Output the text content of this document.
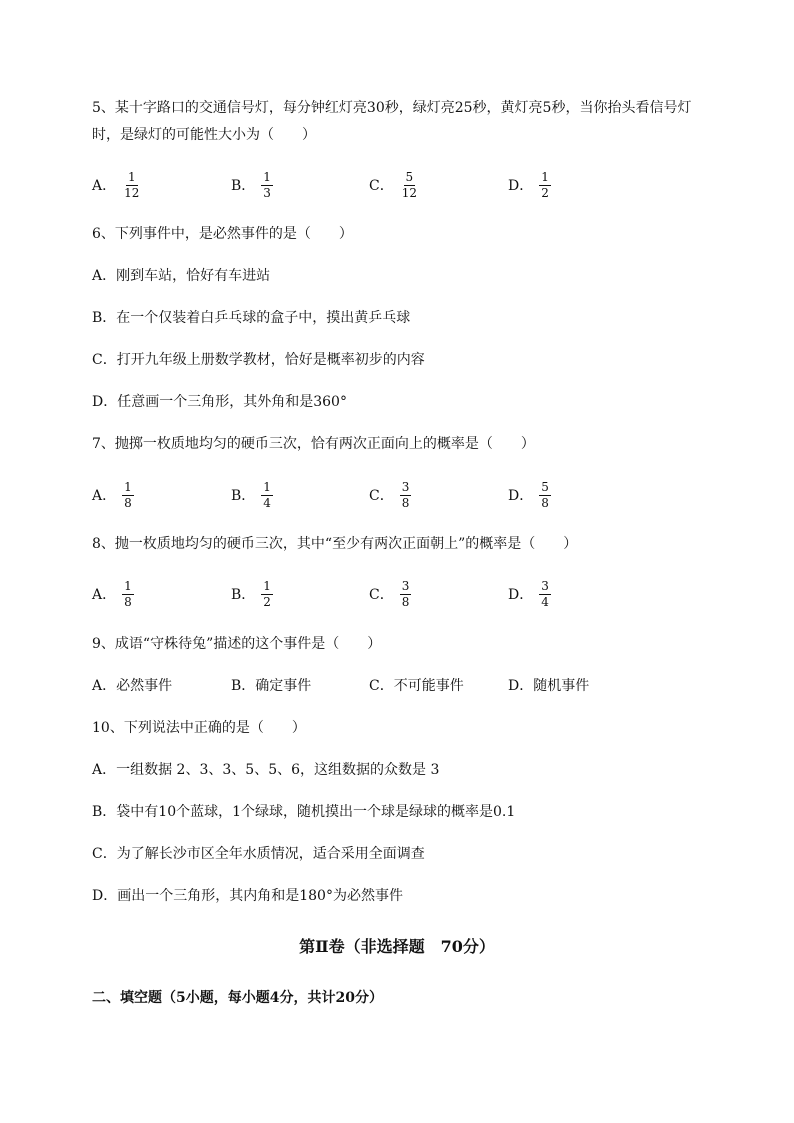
5、某十字路口的交通信号灯，每分钟红灯亮30秒，绿灯亮25秒，黄灯亮5秒，当你抬头看信号灯
时，是绿灯的可能性大小为（　　）
A． $\frac{1}{12}$	B． $\frac{1}{3}$	C． $\frac{5}{12}$	D． $\frac{1}{2}$
6、下列事件中，是必然事件的是（　　）
A．刚到车站，恰好有车进站
B．在一个仅装着白乒乓球的盒子中，摸出黄乒乓球
C．打开九年级上册数学教材，恰好是概率初步的内容
D．任意画一个三角形，其外角和是360°
7、抛掷一枚质地均匀的硬币三次，恰有两次正面向上的概率是（　　）
A． $\frac{1}{8}$	B． $\frac{1}{4}$	C． $\frac{3}{8}$	D． $\frac{5}{8}$
8、抛一枚质地均匀的硬币三次，其中“至少有两次正面朝上”的概率是（　　）
A． $\frac{1}{8}$	B． $\frac{1}{2}$	C． $\frac{3}{8}$	D． $\frac{3}{4}$
9、成语“守株待兔”描述的这个事件是（　　）
A．必然事件	B．确定事件	C．不可能事件	D．随机事件
10、下列说法中正确的是（　　）
A．一组数据 2、3、3、5、5、6，这组数据的众数是 3
B．袋中有10个蓝球，1个绿球，随机摸出一个球是绿球的概率是0.1
C．为了解长沙市区全年水质情况，适合采用全面调查
D．画出一个三角形，其内角和是180°为必然事件
第Ⅱ卷（非选择题　70分）
二、填空题（5小题，每小题4分，共计20分）
